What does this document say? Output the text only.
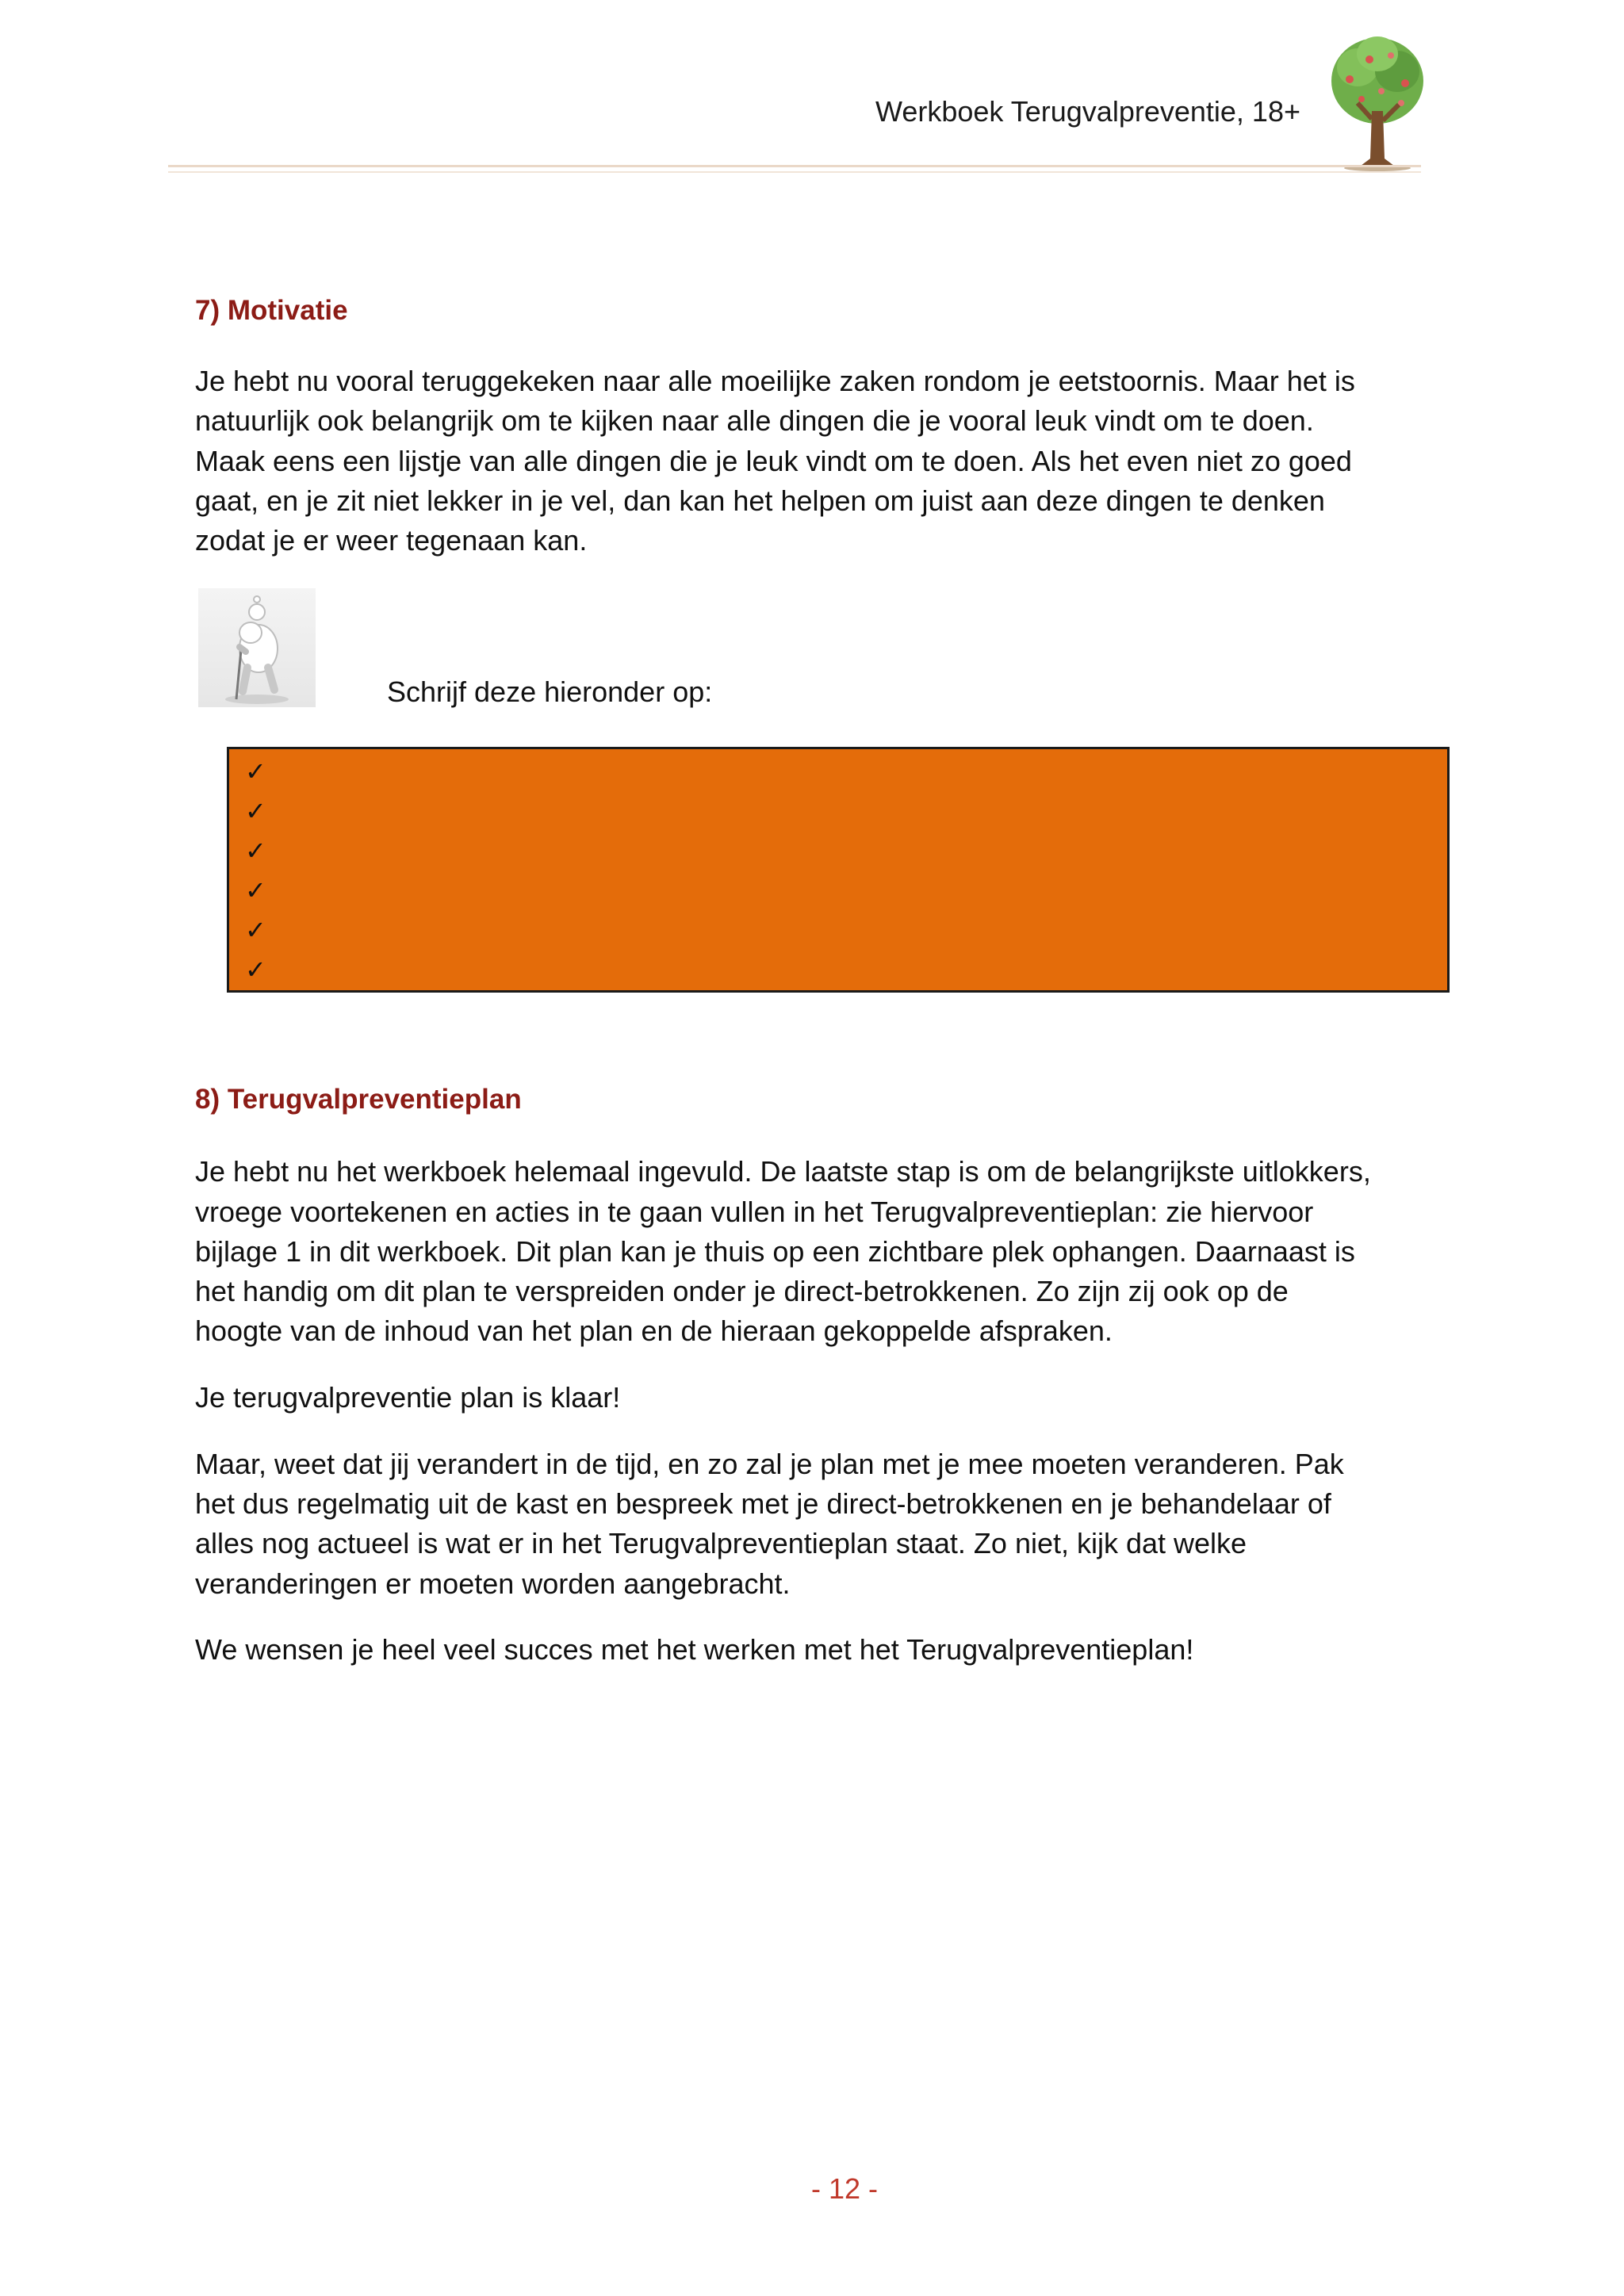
Werkboek Terugvalpreventie, 18+
7) Motivatie
Je hebt nu vooral teruggekeken naar alle moeilijke zaken rondom je eetstoornis. Maar het is
natuurlijk ook belangrijk om te kijken naar alle dingen die je vooral leuk vindt om te doen.
Maak eens een lijstje van alle dingen die je leuk vindt om te doen. Als het even niet zo goed
gaat, en je zit niet lekker in je vel, dan kan het helpen om juist aan deze dingen te denken
zodat je er weer tegenaan kan.
Schrijf deze hieronder op:
✓
✓
✓
✓
✓
✓
8) Terugvalpreventieplan
Je hebt nu het werkboek helemaal ingevuld. De laatste stap is om de belangrijkste uitlokkers,
vroege voortekenen en acties in te gaan vullen in het Terugvalpreventieplan: zie hiervoor
bijlage 1 in dit werkboek. Dit plan kan je thuis op een zichtbare plek ophangen. Daarnaast is
het handig om dit plan te verspreiden onder je direct-betrokkenen. Zo zijn zij ook op de
hoogte van de inhoud van het plan en de hieraan gekoppelde afspraken.
Je terugvalpreventie plan is klaar!
Maar, weet dat jij verandert in de tijd, en zo zal je plan met je mee moeten veranderen. Pak
het dus regelmatig uit de kast en bespreek met je direct-betrokkenen en je behandelaar of
alles nog actueel is wat er in het Terugvalpreventieplan staat. Zo niet, kijk dat welke
veranderingen er moeten worden aangebracht.
We wensen je heel veel succes met het werken met het Terugvalpreventieplan!
- 12 -
